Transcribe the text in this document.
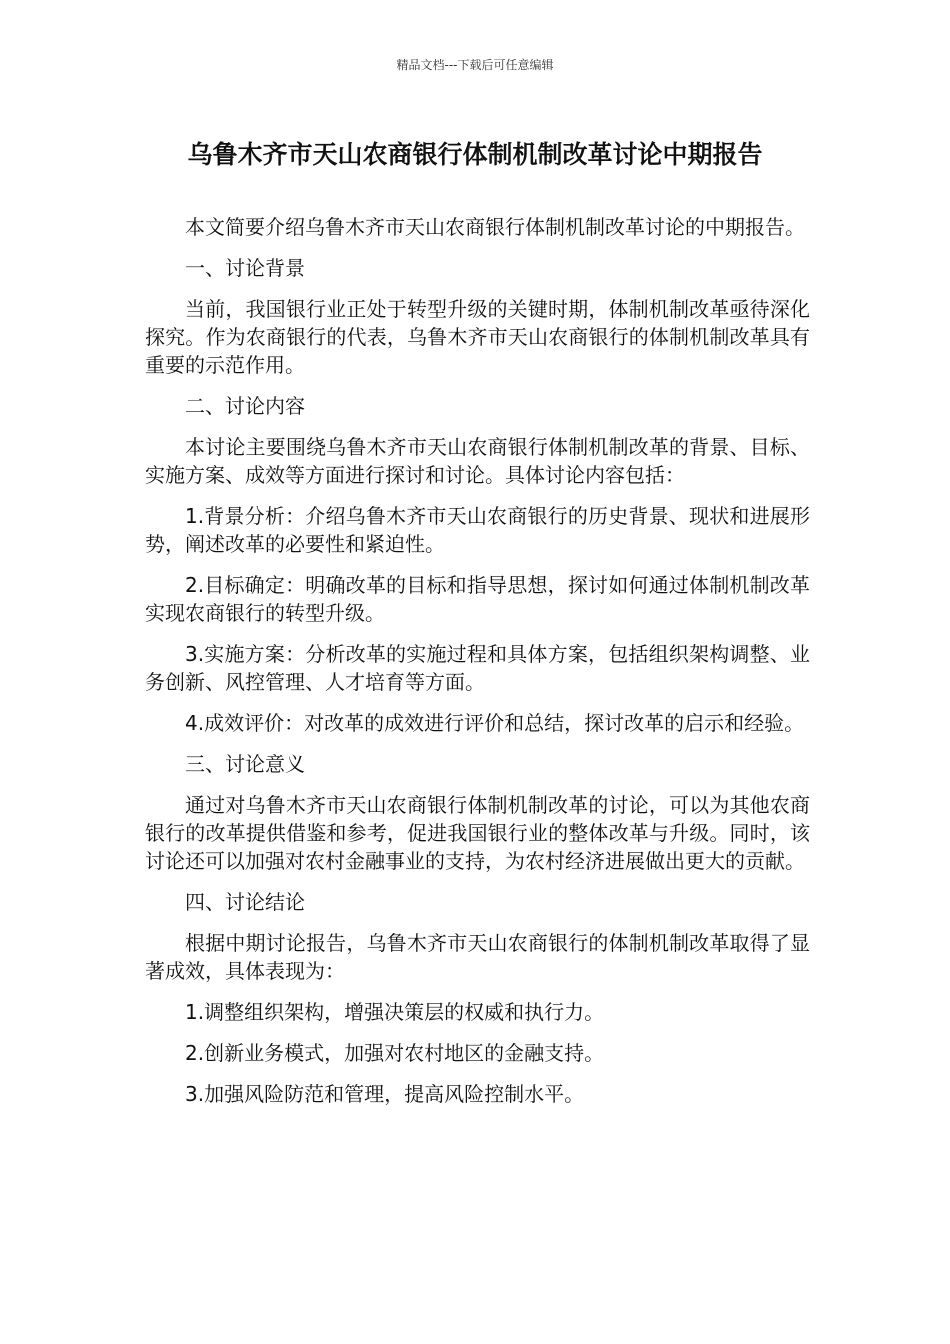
精品文档---下载后可任意编辑
乌鲁木齐市天山农商银行体制机制改革讨论中期报告

本文简要介绍乌鲁木齐市天山农商银行体制机制改革讨论的中期报告。

一、讨论背景

当前，我国银行业正处于转型升级的关键时期，体制机制改革亟待深化探究。作为农商银行的代表，乌鲁木齐市天山农商银行的体制机制改革具有重要的示范作用。

二、讨论内容

本讨论主要围绕乌鲁木齐市天山农商银行体制机制改革的背景、目标、实施方案、成效等方面进行探讨和讨论。具体讨论内容包括：

1.背景分析：介绍乌鲁木齐市天山农商银行的历史背景、现状和进展形势，阐述改革的必要性和紧迫性。

2.目标确定：明确改革的目标和指导思想，探讨如何通过体制机制改革实现农商银行的转型升级。

3.实施方案：分析改革的实施过程和具体方案，包括组织架构调整、业务创新、风控管理、人才培育等方面。

4.成效评价：对改革的成效进行评价和总结，探讨改革的启示和经验。

三、讨论意义

通过对乌鲁木齐市天山农商银行体制机制改革的讨论，可以为其他农商银行的改革提供借鉴和参考，促进我国银行业的整体改革与升级。同时，该讨论还可以加强对农村金融事业的支持，为农村经济进展做出更大的贡献。

四、讨论结论

根据中期讨论报告，乌鲁木齐市天山农商银行的体制机制改革取得了显著成效，具体表现为：

1.调整组织架构，增强决策层的权威和执行力。

2.创新业务模式，加强对农村地区的金融支持。

3.加强风险防范和管理，提高风险控制水平。
